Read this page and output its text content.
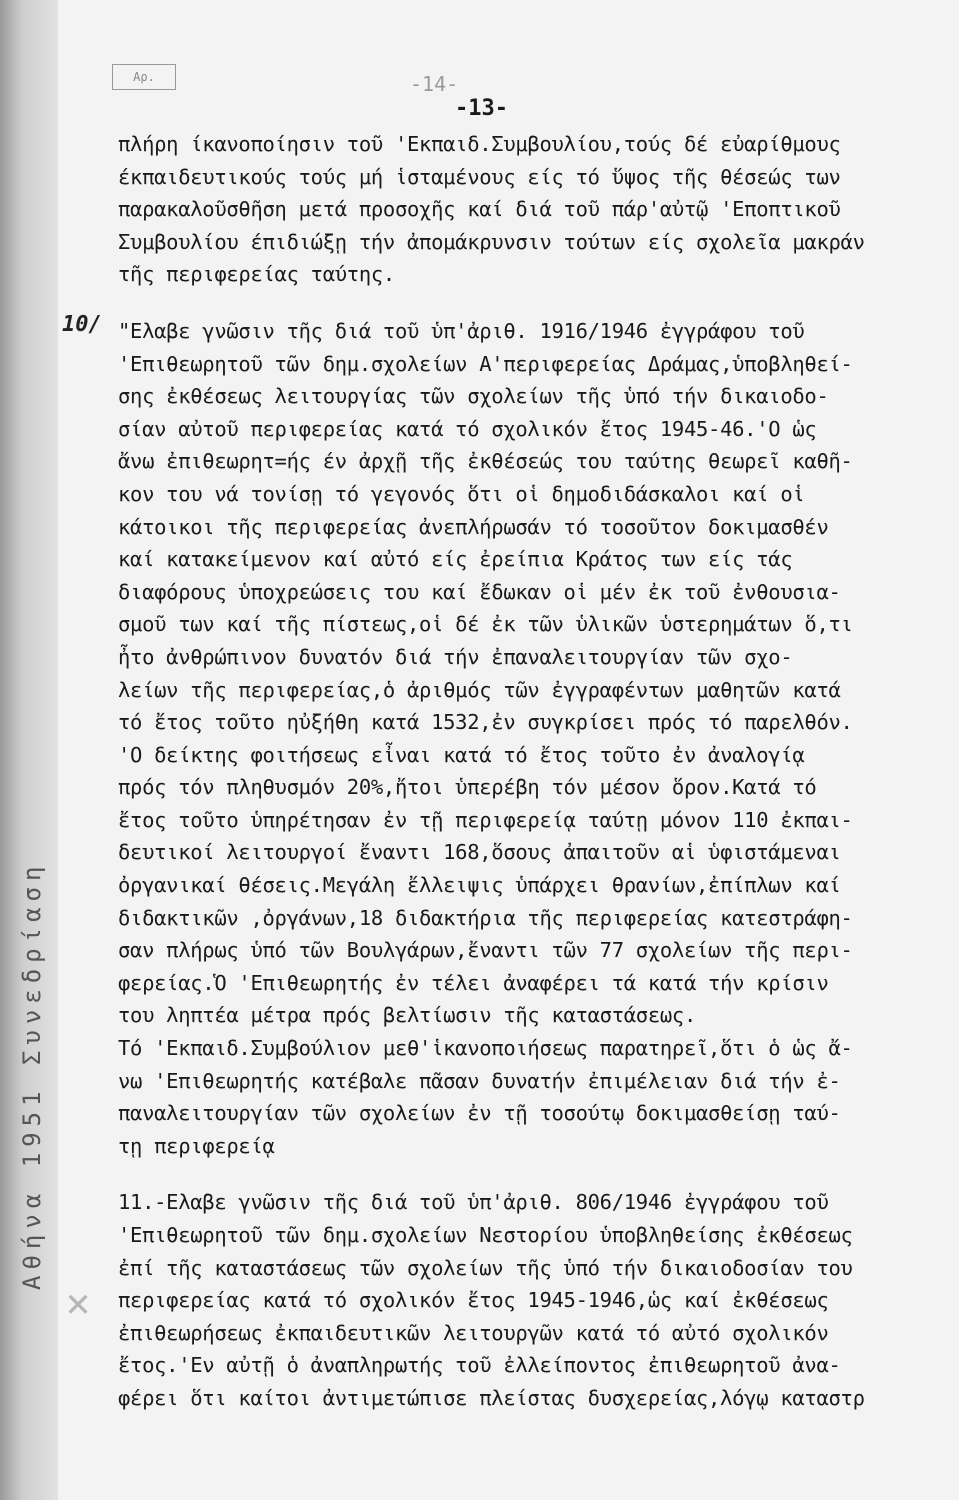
Αθήνα 1951 Συνεδρίαση
Αρ.	-14-
-13-
10/
✕
πλήρη ίκανοποίησιν τοῦ 'Εκπαιδ.Συμβουλίου,τούς δέ εὐαρίθμους
έκπαιδευτικούς τούς μή ἱσταμένους είς τό ὕψος τῆς θέσεώς των
παρακαλοῦσθῆση μετά προσοχῆς καί διά τοῦ πάρ'αὐτῷ 'Εποπτικοῦ
Συμβουλίου έπιδιώξῃ τήν ἀπομάκρυνσιν τούτων είς σχολεῖα μακράν
τῆς περιφερείας ταύτης.
"Ελαβε γνῶσιν τῆς διά τοῦ ὑπ'ἀριθ. 1916/1946 ἐγγράφου τοῦ
'Επιθεωρητοῦ τῶν δημ.σχολείων Α'περιφερείας Δράμας,ὑποβληθεί-
σης ἐκθέσεως λειτουργίας τῶν σχολείων τῆς ὑπό τήν δικαιοδο-
σίαν αὐτοῦ περιφερείας κατά τό σχολικόν ἔτος 1945-46.'Ο ὡς
ἄνω ἐπιθεωρητ=ής έν ἀρχῇ τῆς ἐκθέσεώς του ταύτης θεωρεῖ καθῆ-
κον του νά τονίσῃ τό γεγονός ὅτι οἱ δημοδιδάσκαλοι καί οἱ
κάτοικοι τῆς περιφερείας ἀνεπλήρωσάν τό τοσοῦτον δοκιμασθέν
καί κατακείμενον καί αὐτό είς ἐρείπια Κράτος των είς τάς
διαφόρους ὑποχρεώσεις του καί ἔδωκαν οἱ μέν ἐκ τοῦ ἐνθουσια-
σμοῦ των καί τῆς πίστεως,οἱ δέ ἐκ τῶν ὑλικῶν ὑστερημάτων ὅ,τι
ἦτο ἀνθρώπινον δυνατόν διά τήν ἐπαναλειτουργίαν τῶν σχο-
λείων τῆς περιφερείας,ὁ ἀριθμός τῶν ἐγγραφέντων μαθητῶν κατά
τό ἔτος τοῦτο ηὐξήθη κατά 1532,ἐν συγκρίσει πρός τό παρελθόν.
'Ο δείκτης φοιτήσεως εἶναι κατά τό ἔτος τοῦτο ἐν ἀναλογίᾳ
πρός τόν πληθυσμόν 20%,ἤτοι ὑπερέβη τόν μέσον ὅρον.Κατά τό
ἔτος τοῦτο ὑπηρέτησαν ἐν τῇ περιφερείᾳ ταύτῃ μόνον 110 ἐκπαι-
δευτικοί λειτουργοί ἔναντι 168,ὅσους ἀπαιτοῦν αἱ ὑφιστάμεναι
ὀργανικαί θέσεις.Μεγάλη ἔλλειψις ὑπάρχει θρανίων,ἐπίπλων καί
διδακτικῶν ,ὀργάνων,18 διδακτήρια τῆς περιφερείας κατεστράφη-
σαν πλήρως ὑπό τῶν Βουλγάρων,ἔναντι τῶν 77 σχολείων τῆς περι-
φερείας.Ὁ 'Επιθεωρητής ἐν τέλει ἀναφέρει τά κατά τήν κρίσιν
του ληπτέα μέτρα πρός βελτίωσιν τῆς καταστάσεως.
Τό 'Εκπαιδ.Συμβούλιον μεθ'ἱκανοποιήσεως παρατηρεῖ,ὅτι ὁ ὡς ἄ-
νω 'Επιθεωρητής κατέβαλε πᾶσαν δυνατήν ἐπιμέλειαν διά τήν ἐ-
παναλειτουργίαν τῶν σχολείων ἐν τῇ τοσούτῳ δοκιμασθείσῃ ταύ-
τῃ περιφερείᾳ
11.-Ελαβε γνῶσιν τῆς διά τοῦ ὑπ'ἀριθ. 806/1946 ἐγγράφου τοῦ
'Επιθεωρητοῦ τῶν δημ.σχολείων Νεστορίου ὑποβληθείσης ἐκθέσεως
ἐπί τῆς καταστάσεως τῶν σχολείων τῆς ὑπό τήν δικαιοδοσίαν του
περιφερείας κατά τό σχολικόν ἔτος 1945-1946,ὡς καί ἐκθέσεως
ἐπιθεωρήσεως ἐκπαιδευτικῶν λειτουργῶν κατά τό αὐτό σχολικόν
ἔτος.'Εν αὐτῇ ὁ ἀναπληρωτής τοῦ ἐλλείποντος ἐπιθεωρητοῦ ἀνα-
φέρει ὅτι καίτοι ἀντιμετώπισε πλείστας δυσχερείας,λόγῳ καταστρ
